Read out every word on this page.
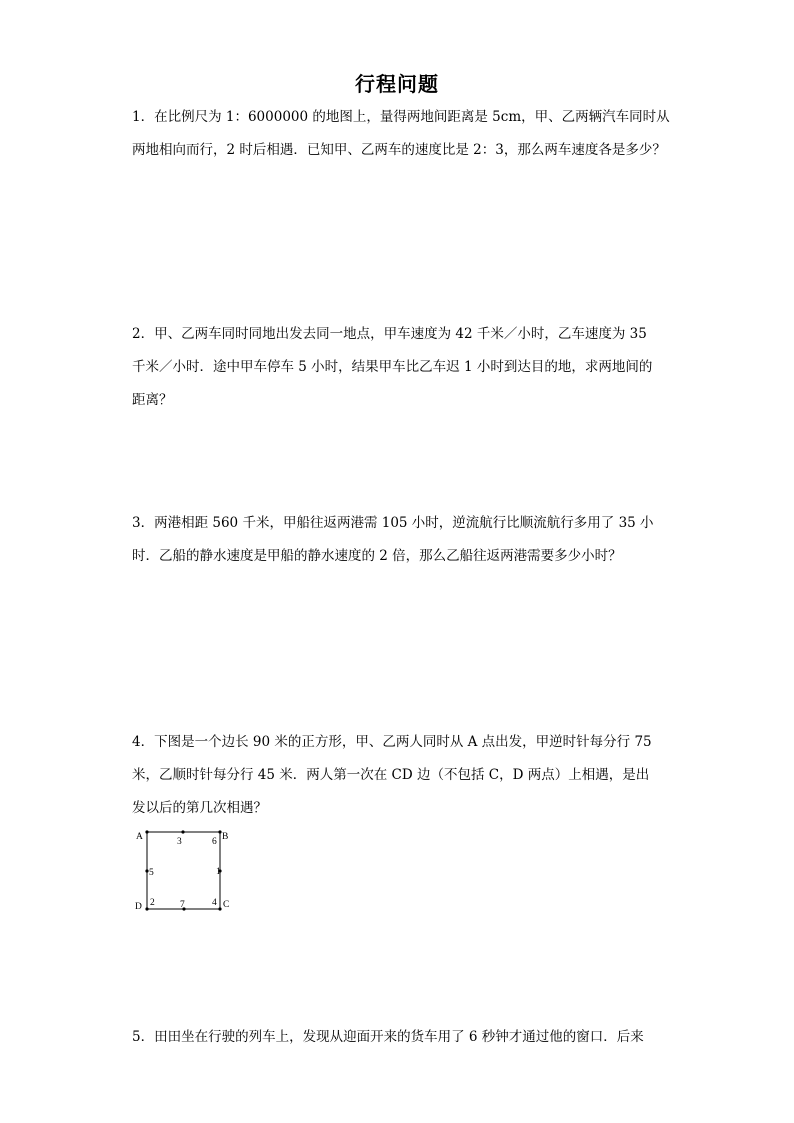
行程问题

1．在比例尺为 1：6000000 的地图上，量得两地间距离是 5cm，甲、乙两辆汽车同时从

两地相向而行，2 时后相遇．已知甲、乙两车的速度比是 2：3，那么两车速度各是多少？

2．甲、乙两车同时同地出发去同一地点，甲车速度为 42 千米／小时，乙车速度为 35

千米／小时．途中甲车停车 5 小时，结果甲车比乙车迟 1 小时到达目的地，求两地间的

距离？

3．两港相距 560 千米，甲船往返两港需 105 小时，逆流航行比顺流航行多用了 35 小

时．乙船的静水速度是甲船的静水速度的 2 倍，那么乙船往返两港需要多少小时？

4．下图是一个边长 90 米的正方形，甲、乙两人同时从 A 点出发，甲逆时针每分行 75

米，乙顺时针每分行 45 米．两人第一次在 CD 边（不包括 C，D 两点）上相遇，是出

发以后的第几次相遇？

A	B
C
D
1
2
3
4
5
6
7

5．田田坐在行驶的列车上，发现从迎面开来的货车用了 6 秒钟才通过他的窗口．后来
